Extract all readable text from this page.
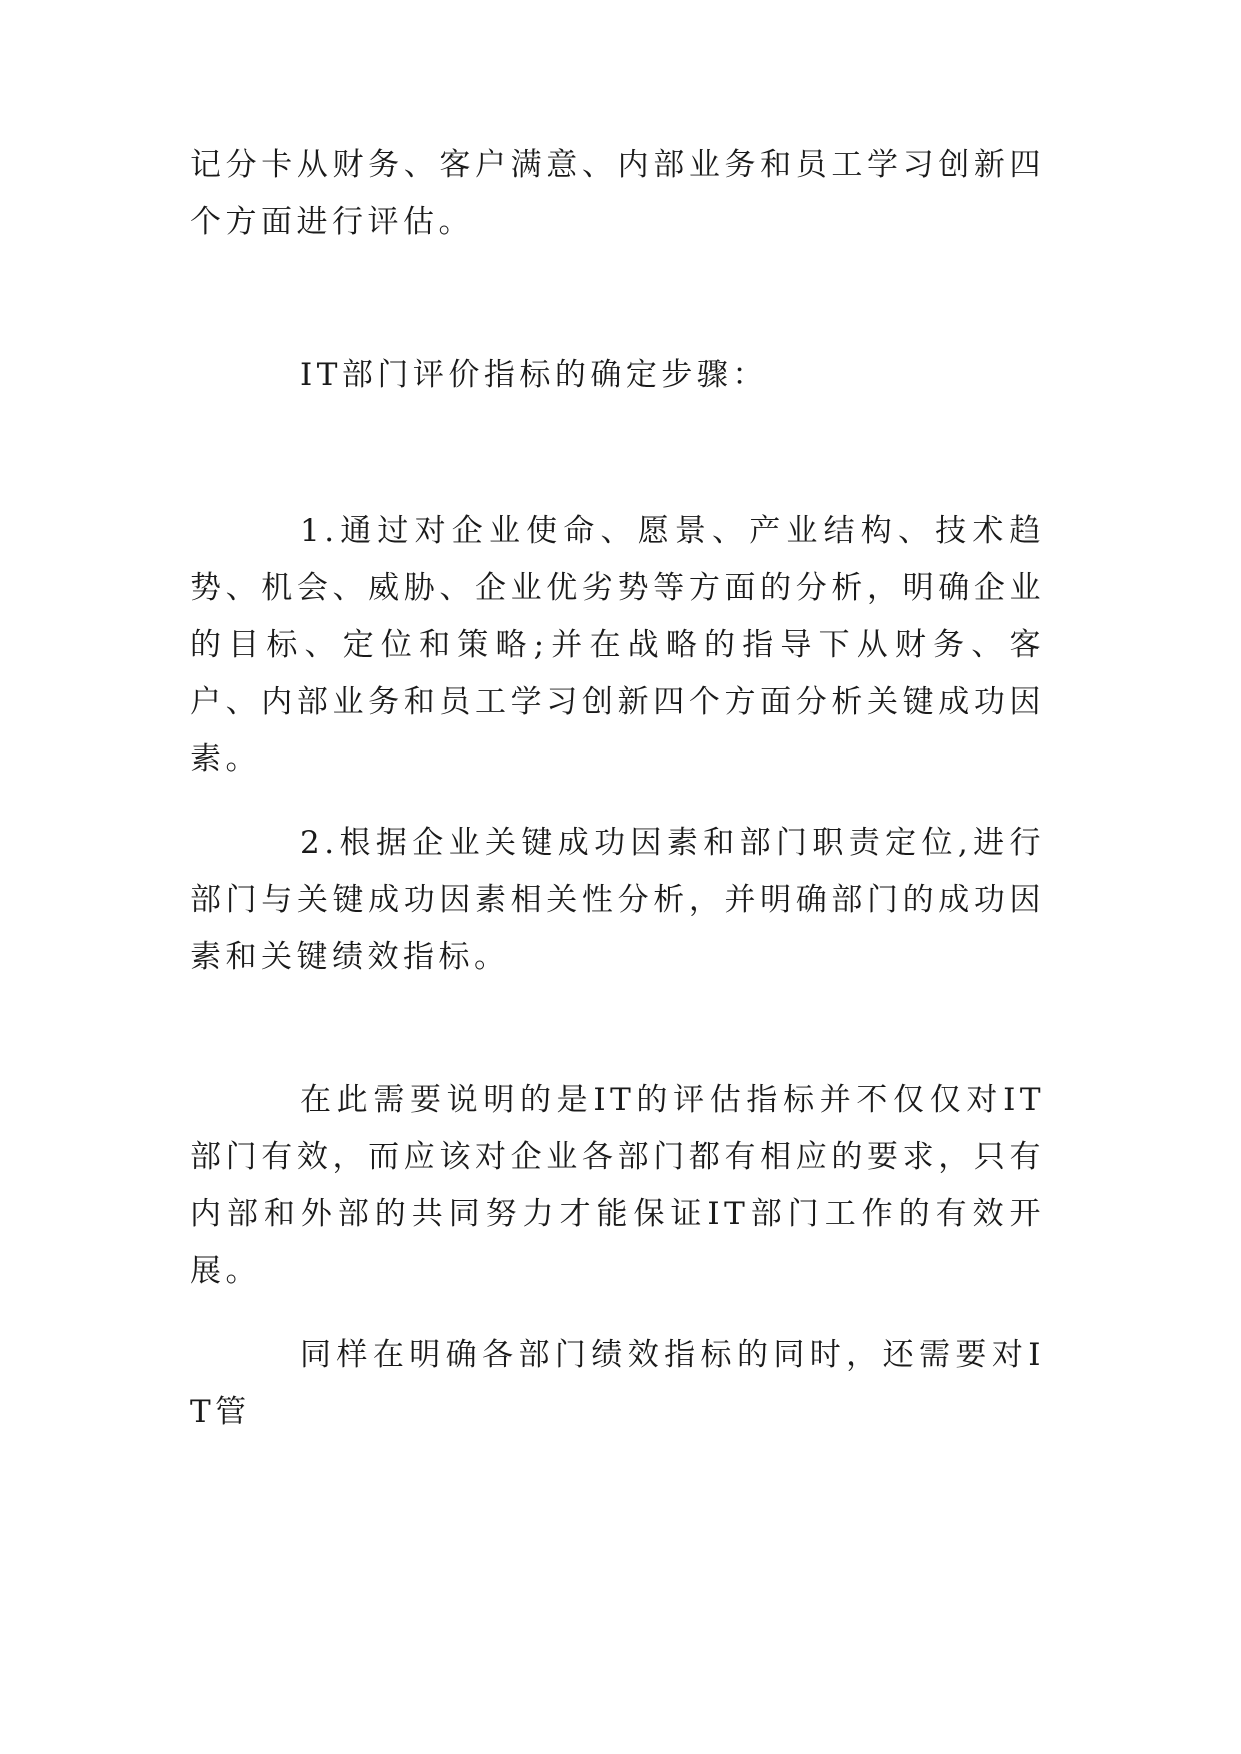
记分卡从财务、客户满意、内部业务和员工学习创新四个方面进行评估。

IT部门评价指标的确定步骤：

1.通过对企业使命、愿景、产业结构、技术趋势、机会、威胁、企业优劣势等方面的分析，明确企业的目标、定位和策略;并在战略的指导下从财务、客户、内部业务和员工学习创新四个方面分析关键成功因素。

2.根据企业关键成功因素和部门职责定位,进行部门与关键成功因素相关性分析，并明确部门的成功因素和关键绩效指标。

在此需要说明的是IT的评估指标并不仅仅对IT部门有效，而应该对企业各部门都有相应的要求，只有内部和外部的共同努力才能保证IT部门工作的有效开展。

同样在明确各部门绩效指标的同时，还需要对IT管
